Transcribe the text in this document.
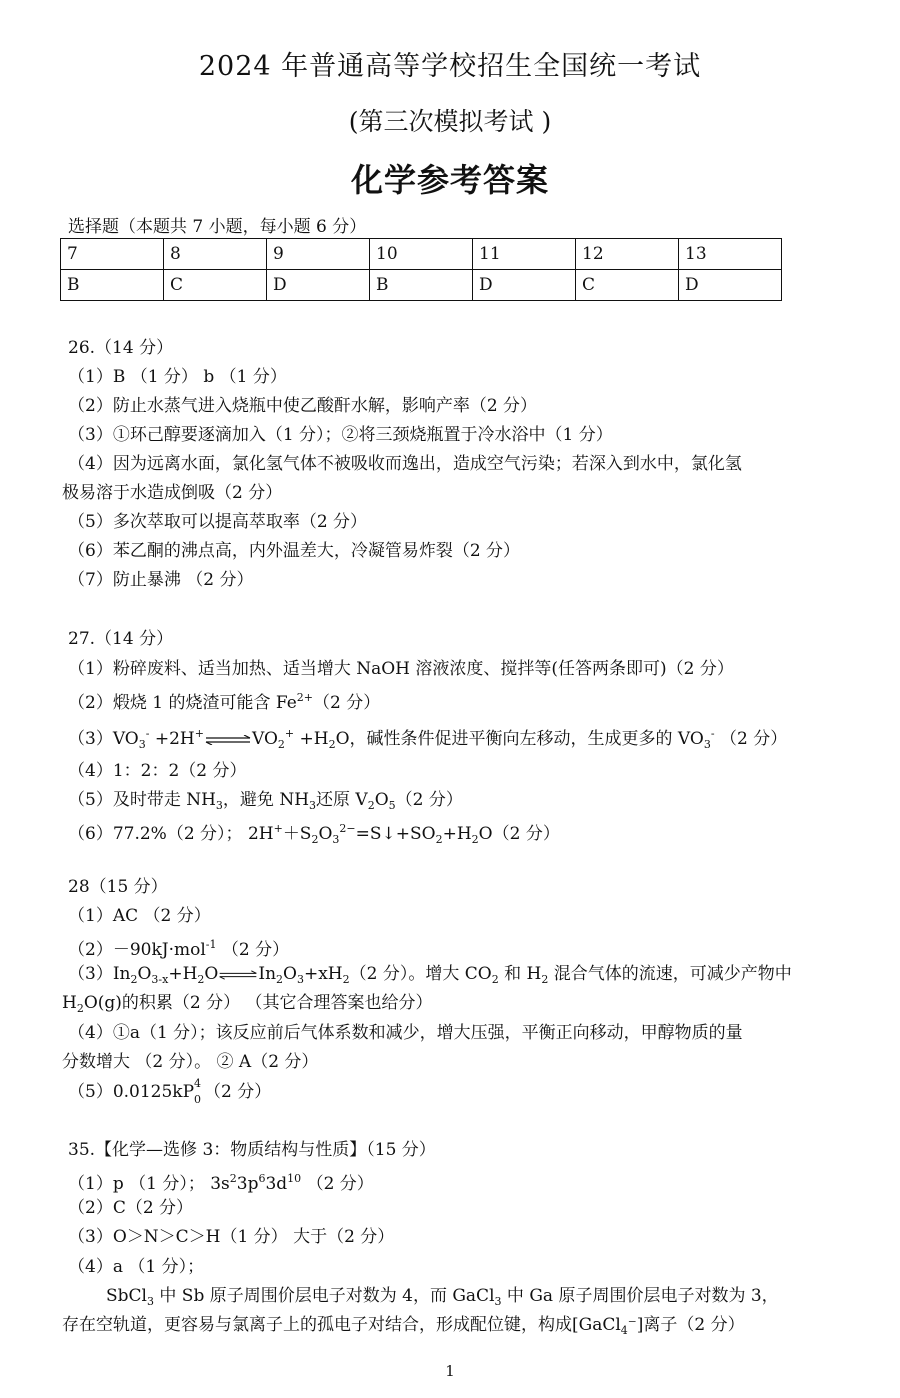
2024 年普通高等学校招生全国统一考试
(第三次模拟考试 )
化学参考答案
选择题（本题共 7 小题，每小题 6 分）
7	8	9	10	11	12	13
B	C	D	B	D	C	D
26.（14 分）
（1）B （1 分） b （1 分）
（2）防止水蒸气进入烧瓶中使乙酸酐水解，影响产率（2 分）
（3）①环己醇要逐滴加入（1 分）；②将三颈烧瓶置于冷水浴中（1 分）
（4）因为远离水面，氯化氢气体不被吸收而逸出，造成空气污染；若深入到水中，氯化氢
极易溶于水造成倒吸（2 分）
（5）多次萃取可以提高萃取率（2 分）
（6）苯乙酮的沸点高，内外温差大，冷凝管易炸裂（2 分）
（7）防止暴沸 （2 分）
27.（14 分）
（1）粉碎废料、适当加热、适当增大 NaOH 溶液浓度、搅拌等(任答两条即可)（2 分）
（2）煅烧 1 的烧渣可能含 $Fe^{2+}(2$ 分）
$(3)VO_3^-$ $+2H^+\rightleftharpoons VO_2^+ +H_2O$，碱性条件促进平衡向左移动，生成更多的 $VO_3^-$ （2 分）
（4）1：2：2（2 分）
（5）及时带走 $NH_3$，避免 $NH_3$还原 $V_2O_5(2$ 分）
（6）77.2%（2 分）； $2H^++S_2O_3^{2-}=S↓+SO_2+H_2O(2$ 分）
28（15 分）
（1）AC （2 分）
（2）－90kJ·mol$^{-1}$ （2 分）
$(3)In_2O_{3-x}+H_2O\rightleftharpoons In_2O_3+xH_2(2$ 分）。增大 $CO_2$ 和 $H_2$ 混合气体的流速，可减少产物中
$H_2O(g)$的积累（2 分） （其它合理答案也给分）
（4）①a（1 分）；该反应前后气体系数和减少，增大压强，平衡正向移动，甲醇物质的量
分数增大 （2 分）。 ② A（2 分）
（5）0.0125kP 0
4 （2 分）
35.【化学—选修 3：物质结构与性质】（15 分）
（1）p （1 分）； $3s^23p^63d^{10}$ （2 分）
（2）C（2 分）
（3）O＞N＞C＞H（1 分） 大于（2 分）
（4）a （1 分）；
SbCl$_3$ 中 Sb 原子周围价层电子对数为 4，而 GaCl$_3$ 中 Ga 原子周围价层电子对数为 3，
存在空轨道，更容易与氯离子上的孤电子对结合，形成配位键，构成[GaCl$_4$⁻]离子（2 分）
1
